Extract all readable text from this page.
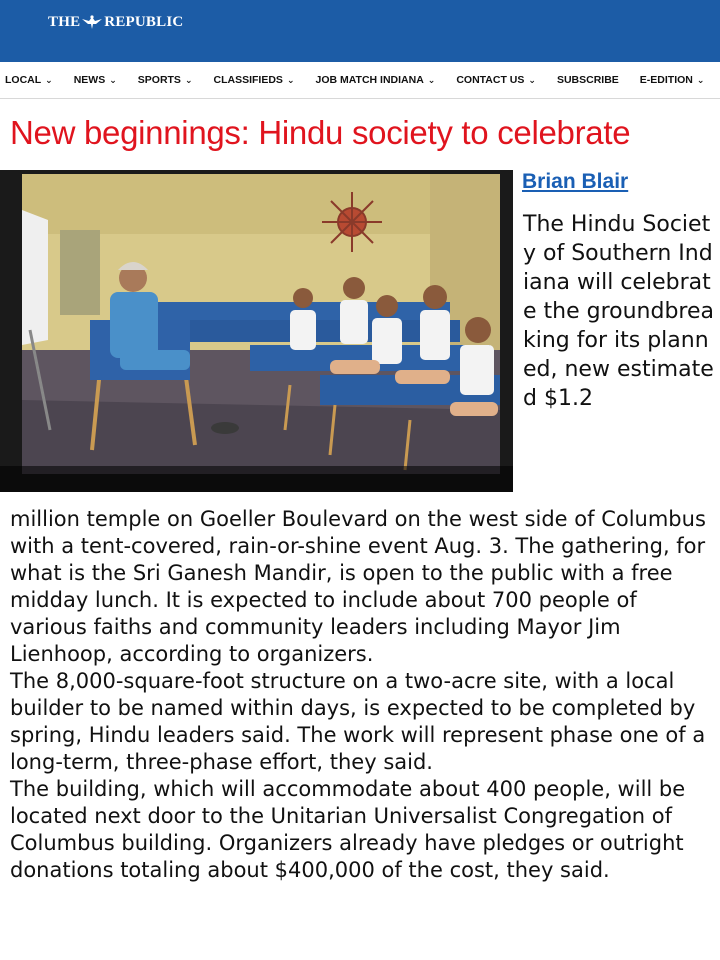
THE REPUBLIC
LOCAL ⌄ NEWS ⌄ SPORTS ⌄ CLASSIFIEDS ⌄ JOB MATCH INDIANA ⌄ CONTACT US ⌄ SUBSCRIBE E-EDITION ⌄
New beginnings: Hindu society to celebrate
Brian Blair

The Hindu Society of Southern Indiana will celebrate the groundbreaking for its planned, new estimated $1.2

million temple on Goeller Boulevard on the west side of Columbus with a tent-covered, rain-or-shine event Aug. 3. The gathering, for what is the Sri Ganesh Mandir, is open to the public with a free midday lunch. It is expected to include about 700 people of various faiths and community leaders including Mayor Jim Lienhoop, according to organizers.

The 8,000-square-foot structure on a two-acre site, with a local builder to be named within days, is expected to be completed by spring, Hindu leaders said. The work will represent phase one of a long-term, three-phase effort, they said.

The building, which will accommodate about 400 people, will be located next door to the Unitarian Universalist Congregation of Columbus building. Organizers already have pledges or outright donations totaling about $400,000 of the cost, they said.
